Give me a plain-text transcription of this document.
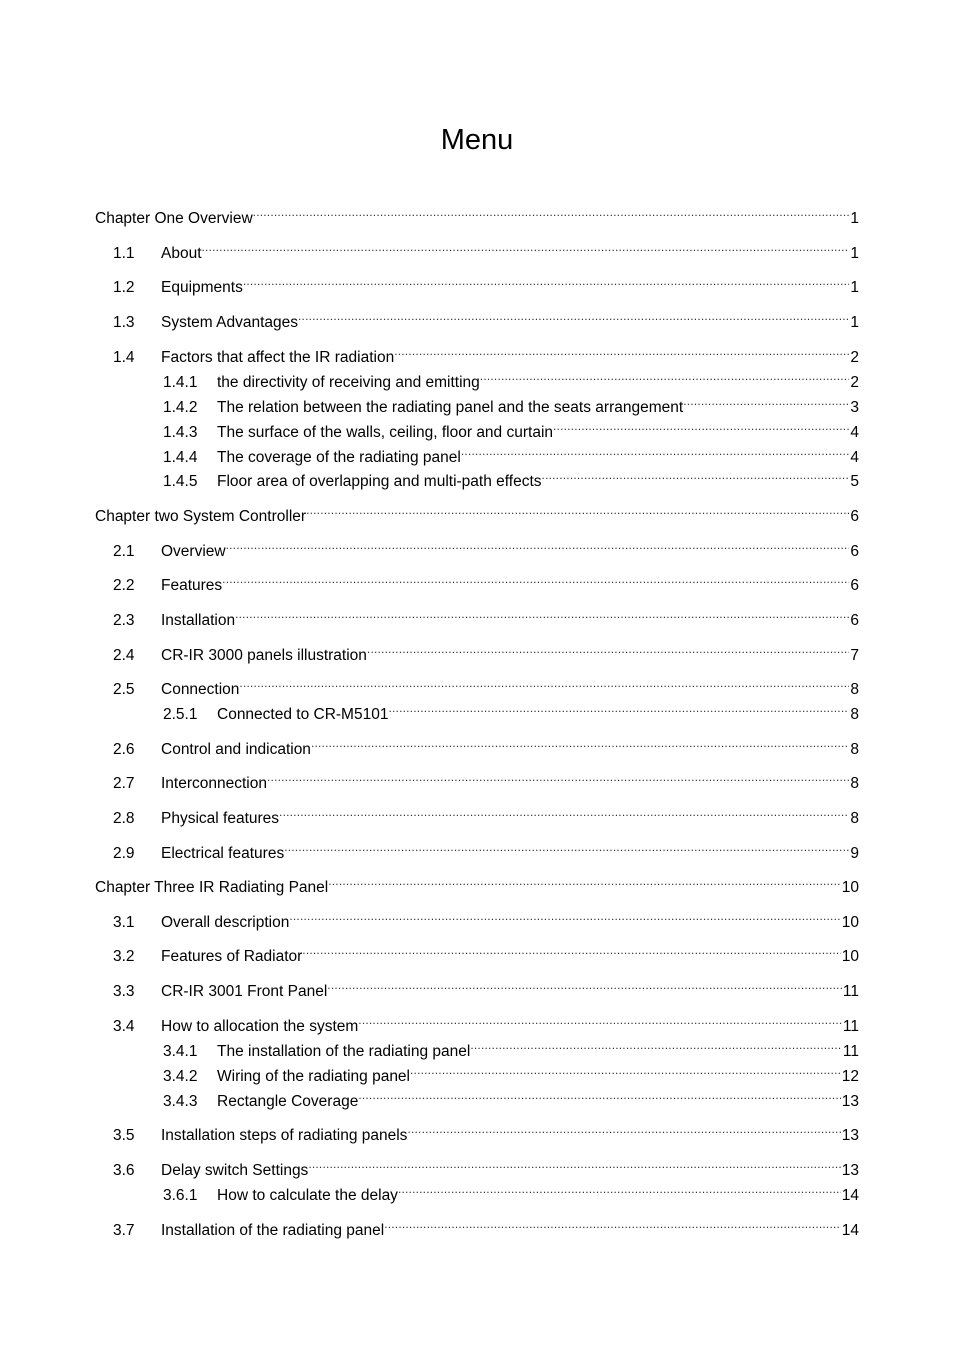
Menu
Chapter One Overview .....	1
1.1	About .....	1
1.2	Equipments .....	1
1.3	System Advantages .....	1
1.4	Factors that affect the IR radiation .....	2
1.4.1	the directivity of receiving and emitting .....	2
1.4.2	The relation between the radiating panel and the seats arrangement .....	3
1.4.3	The surface of the walls, ceiling, floor and curtain .....	4
1.4.4	The coverage of the radiating panel .....	4
1.4.5	Floor area of overlapping and multi-path effects .....	5
Chapter two System Controller .....	6
2.1	Overview .....	6
2.2	Features .....	6
2.3	Installation .....	6
2.4	CR-IR 3000 panels illustration .....	7
2.5	Connection .....	8
2.5.1	Connected to CR-M5101 .....	8
2.6	Control and indication .....	8
2.7	Interconnection .....	8
2.8	Physical features .....	8
2.9	Electrical features .....	9
Chapter Three IR Radiating Panel .....	10
3.1	Overall description .....	10
3.2	Features of Radiator .....	10
3.3	CR-IR 3001 Front Panel .....	11
3.4	How to allocation the system .....	11
3.4.1	The installation of the radiating panel .....	11
3.4.2	Wiring of the radiating panel .....	12
3.4.3	Rectangle Coverage .....	13
3.5	Installation steps of radiating panels .....	13
3.6	Delay switch Settings .....	13
3.6.1	How to calculate the delay .....	14
3.7	Installation of the radiating panel .....	14
